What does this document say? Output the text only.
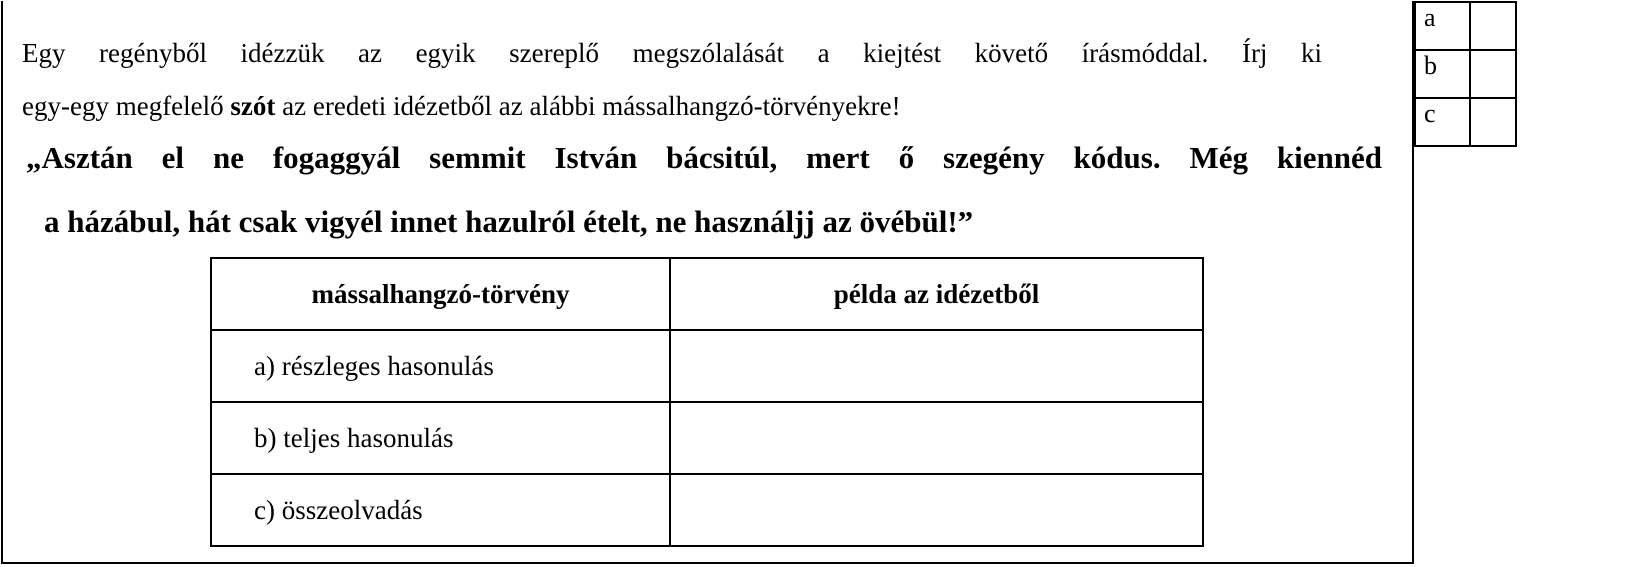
Egy regényből idézzük az egyik szereplő megszólalását a kiejtést követő írásmóddal. Írj ki
egy-egy megfelelő szót az eredeti idézetből az alábbi mássalhangzó-törvényekre!
„Asztán el ne fogaggyál semmit István bácsitúl, mert ő szegény kódus. Még kiennéd
a házábul, hát csak vigyél innet hazulról ételt, ne használjj az övébül!”
mássalhangzó-törvény	példa az idézetből
a) részleges hasonulás	
b) teljes hasonulás	
c) összeolvadás	
a	
b	
c	
